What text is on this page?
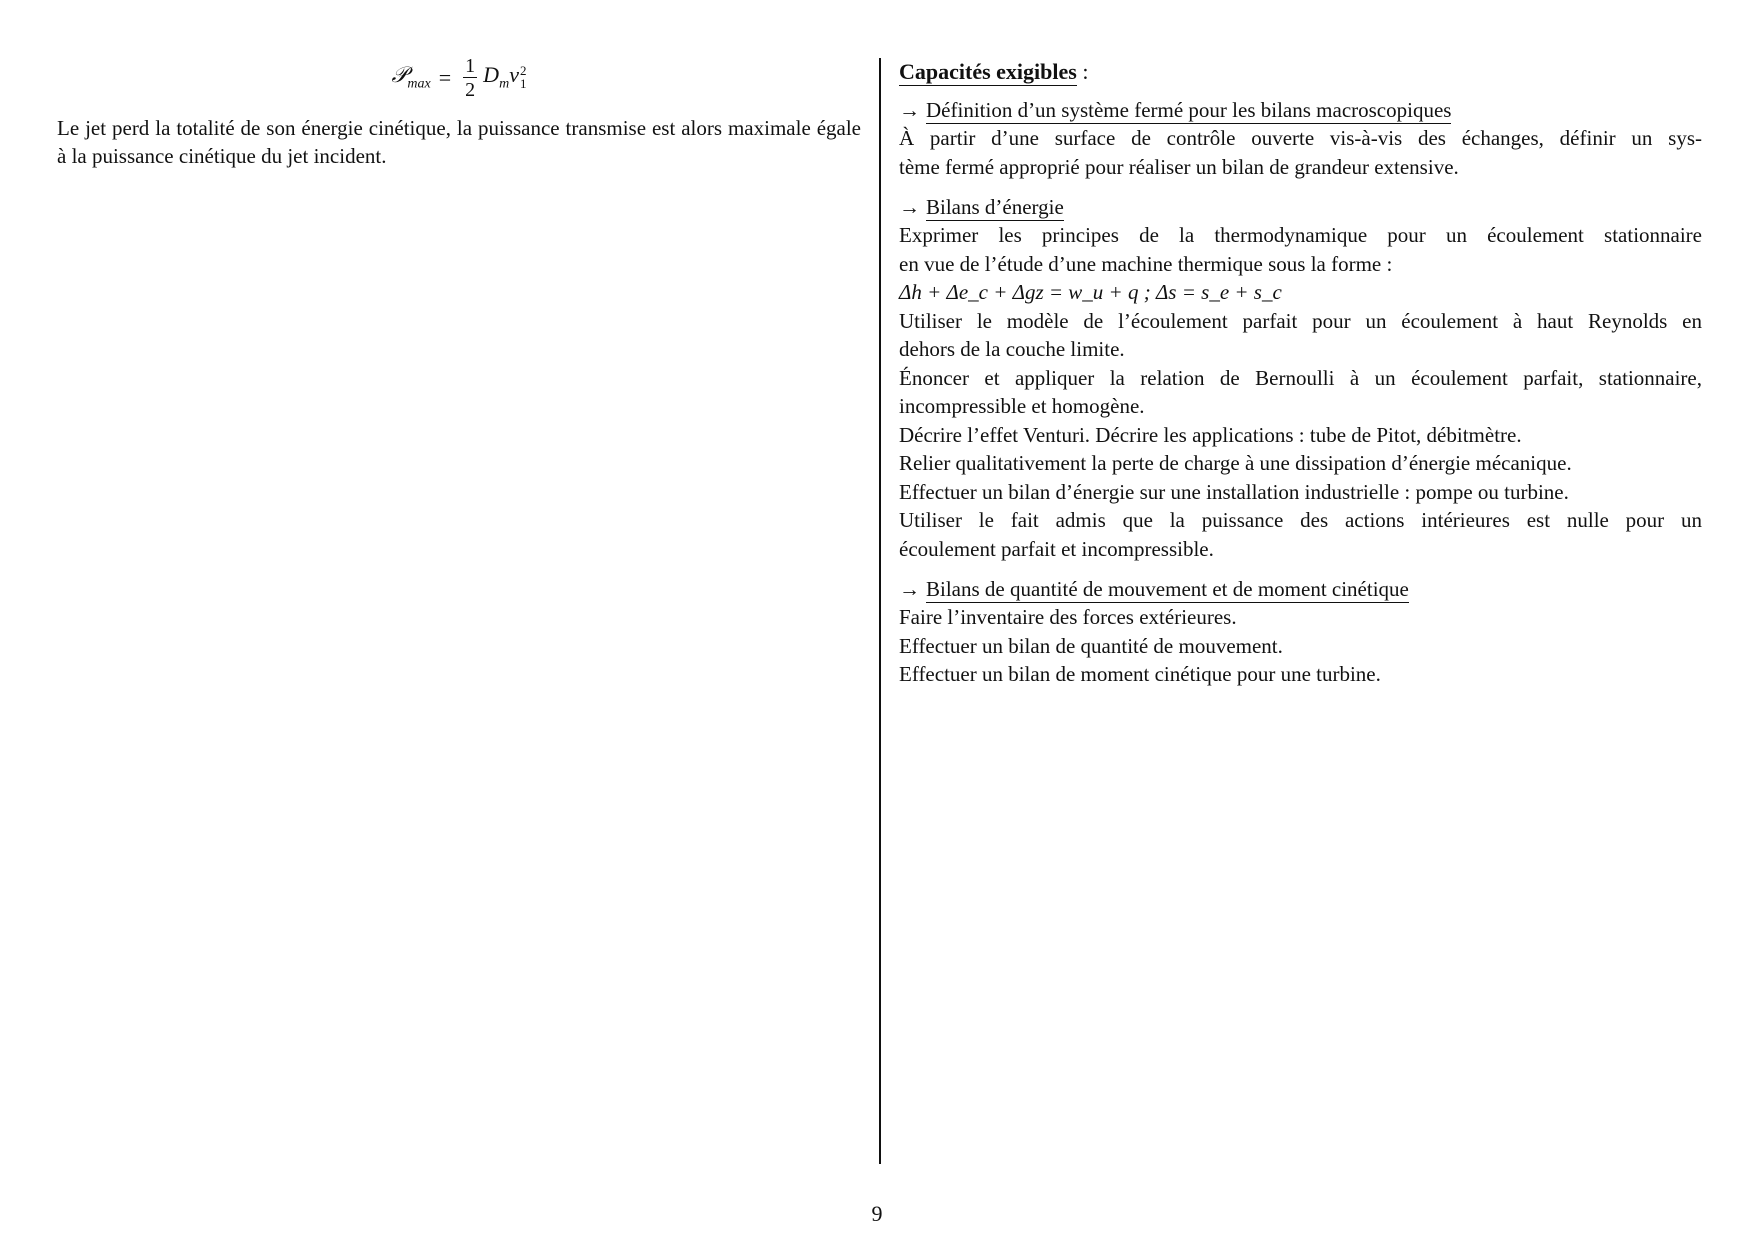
𝒫$_{max}$ = $\frac{1}{2} D_mv$ 2
1

Le jet perd la totalité de son énergie cinétique, la puissance transmise est alors maximale égale à la puissance cinétique du jet incident.

Capacités exigibles :
→ Définition d’un système fermé pour les bilans macroscopiques
À partir d’une surface de contrôle ouverte vis-à-vis des échanges, définir un sys-
tème fermé approprié pour réaliser un bilan de grandeur extensive.
→ Bilans d’énergie
Exprimer les principes de la thermodynamique pour un écoulement stationnaire
en vue de l’étude d’une machine thermique sous la forme :
Δh + Δe_c + Δgz = w_u + q ; Δs = s_e + s_c
Utiliser le modèle de l’écoulement parfait pour un écoulement à haut Reynolds en
dehors de la couche limite.
Énoncer et appliquer la relation de Bernoulli à un écoulement parfait, stationnaire,
incompressible et homogène.
Décrire l’effet Venturi. Décrire les applications : tube de Pitot, débitmètre.
Relier qualitativement la perte de charge à une dissipation d’énergie mécanique.
Effectuer un bilan d’énergie sur une installation industrielle : pompe ou turbine.
Utiliser le fait admis que la puissance des actions intérieures est nulle pour un
écoulement parfait et incompressible.
→ Bilans de quantité de mouvement et de moment cinétique
Faire l’inventaire des forces extérieures.
Effectuer un bilan de quantité de mouvement.
Effectuer un bilan de moment cinétique pour une turbine.
9
